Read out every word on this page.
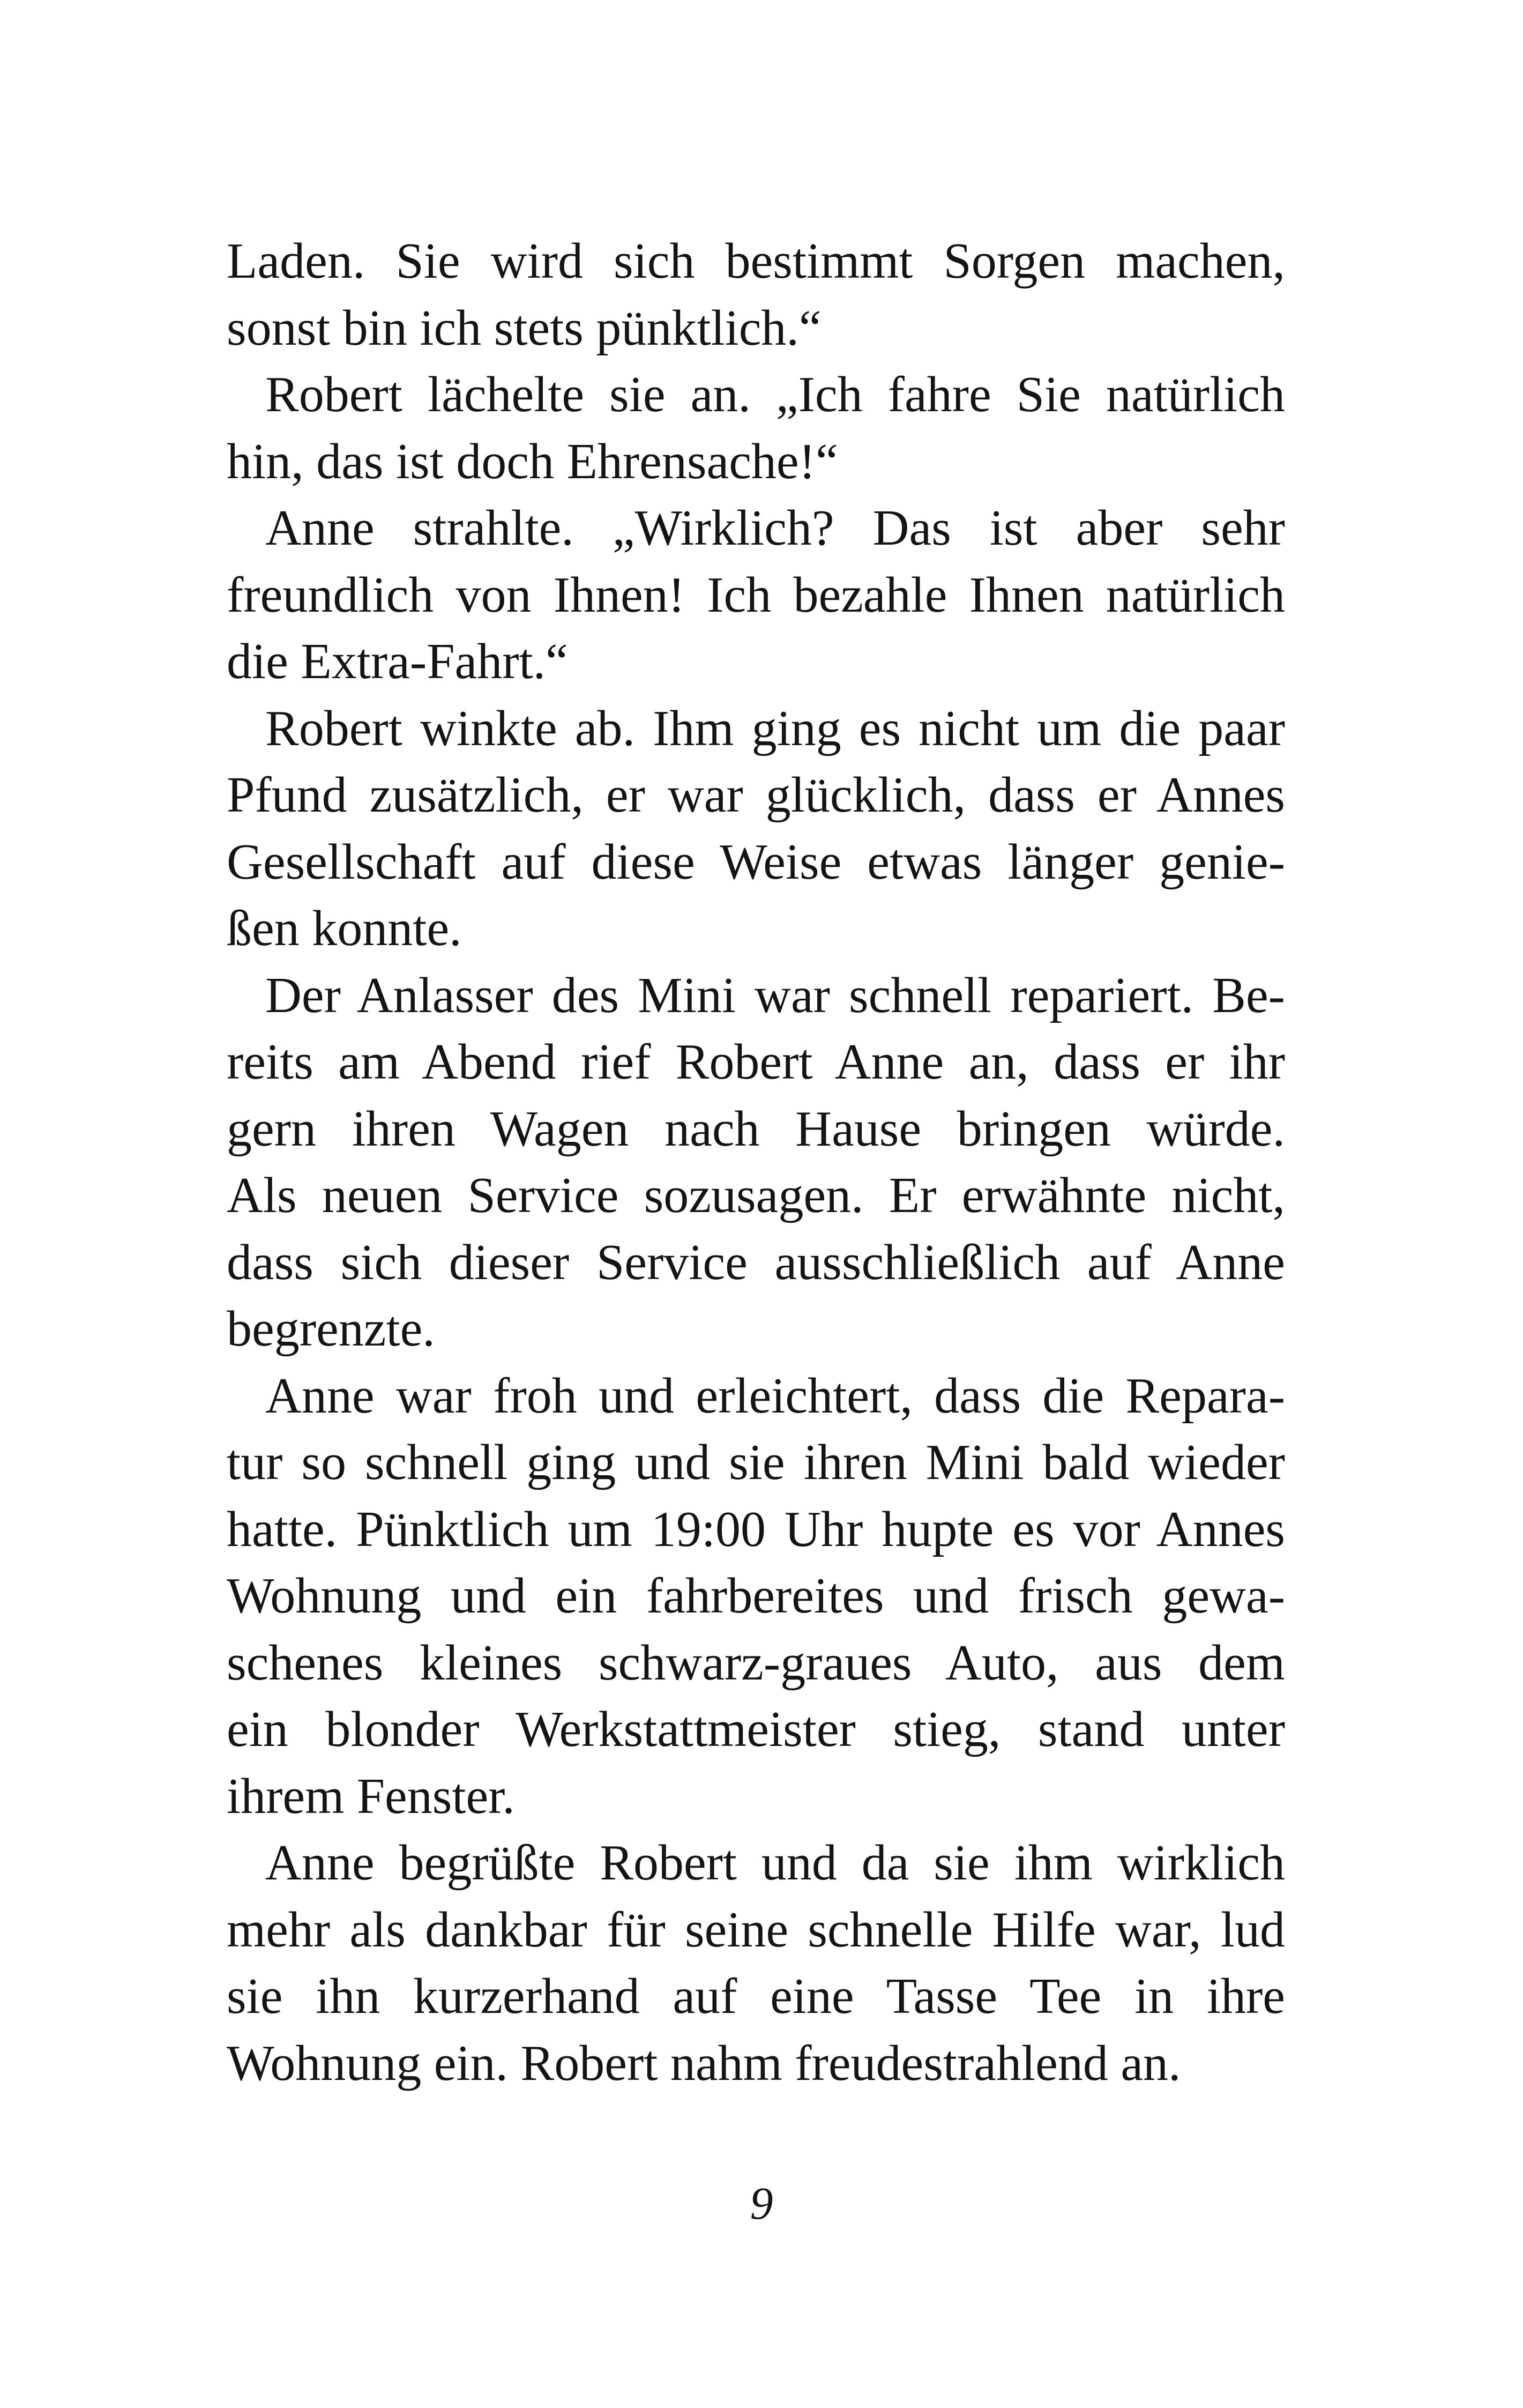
Laden. Sie wird sich bestimmt Sorgen machen,
sonst bin ich stets pünktlich.“
Robert lächelte sie an. „Ich fahre Sie natürlich
hin, das ist doch Ehrensache!“
Anne strahlte. „Wirklich? Das ist aber sehr
freundlich von Ihnen! Ich bezahle Ihnen natürlich
die Extra-Fahrt.“
Robert winkte ab. Ihm ging es nicht um die paar
Pfund zusätzlich, er war glücklich, dass er Annes
Gesellschaft auf diese Weise etwas länger genie-
ßen konnte.
Der Anlasser des Mini war schnell repariert. Be-
reits am Abend rief Robert Anne an, dass er ihr
gern ihren Wagen nach Hause bringen würde.
Als neuen Service sozusagen. Er erwähnte nicht,
dass sich dieser Service ausschließlich auf Anne
begrenzte.
Anne war froh und erleichtert, dass die Repara-
tur so schnell ging und sie ihren Mini bald wieder
hatte. Pünktlich um 19:00 Uhr hupte es vor Annes
Wohnung und ein fahrbereites und frisch gewa-
schenes kleines schwarz-graues Auto, aus dem
ein blonder Werkstattmeister stieg, stand unter
ihrem Fenster.
Anne begrüßte Robert und da sie ihm wirklich
mehr als dankbar für seine schnelle Hilfe war, lud
sie ihn kurzerhand auf eine Tasse Tee in ihre
Wohnung ein. Robert nahm freudestrahlend an.
9
